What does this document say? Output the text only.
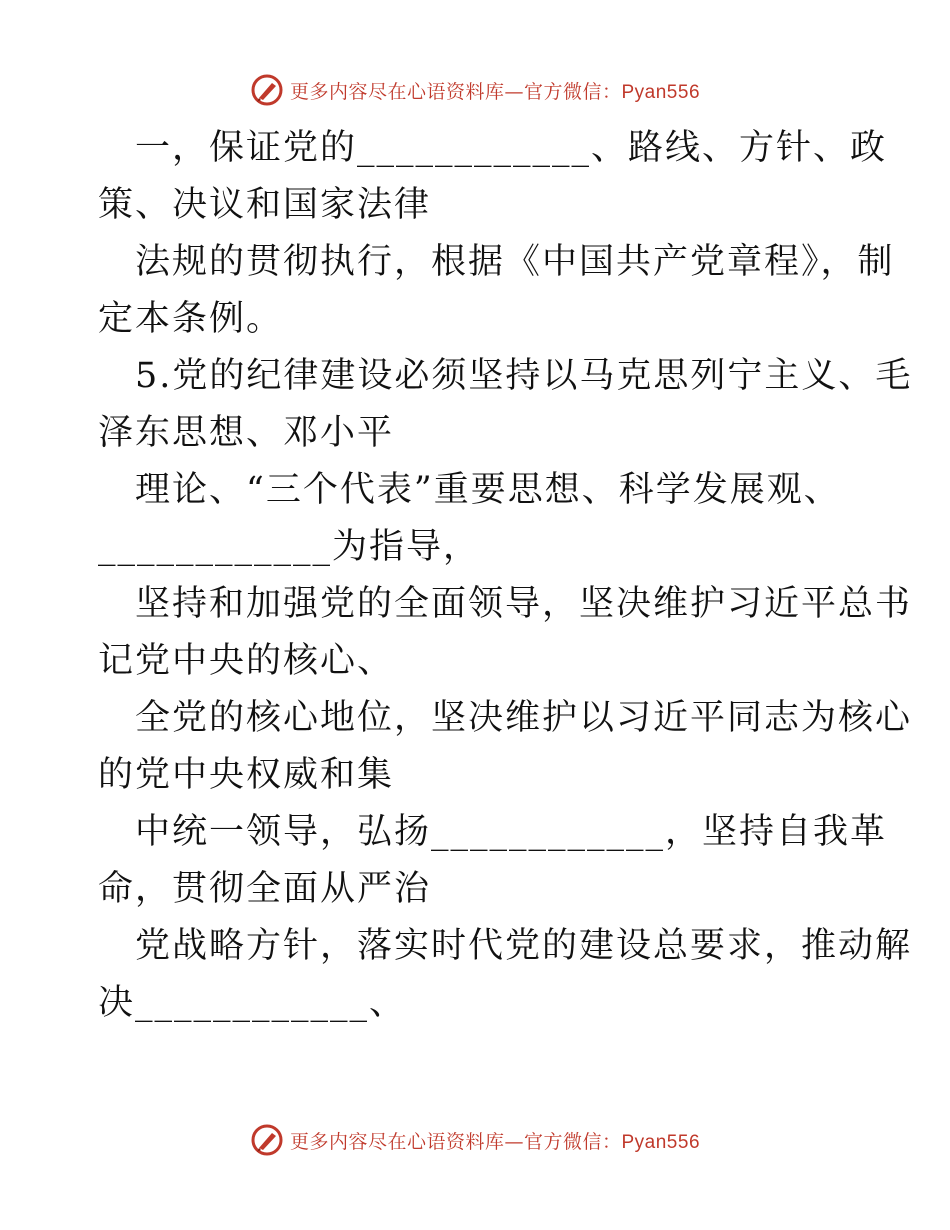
更多内容尽在心语资料库—官方微信：Pyan556
一，保证党的____________、路线、方针、政
策、决议和国家法律
法规的贯彻执行，根据《中国共产党章程》，制
定本条例。
5.党的纪律建设必须坚持以马克思列宁主义、毛
泽东思想、邓小平
理论、“三个代表”重要思想、科学发展观、
____________为指导，
坚持和加强党的全面领导，坚决维护习近平总书
记党中央的核心、
全党的核心地位，坚决维护以习近平同志为核心
的党中央权威和集
中统一领导，弘扬____________，坚持自我革
命，贯彻全面从严治
党战略方针，落实时代党的建设总要求，推动解
决____________、
更多内容尽在心语资料库—官方微信：Pyan556
